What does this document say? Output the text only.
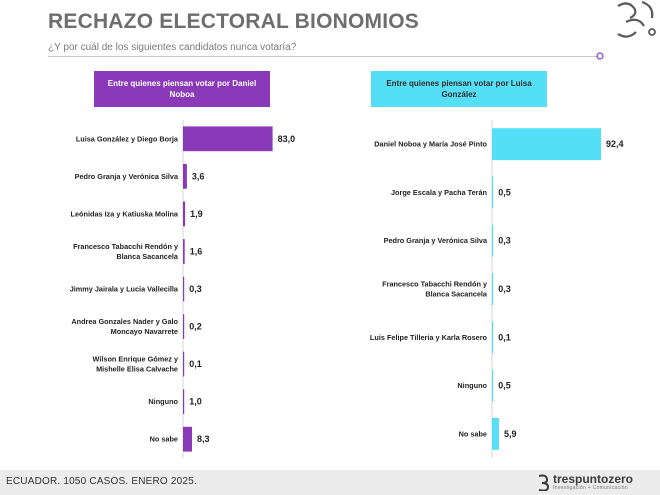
RECHAZO ELECTORAL BIONOMIOS
¿Y por cuál de los siguientes candidatos nunca votaría?
Entre quienes piensan votar por Daniel Noboa
Entre quienes piensan votar por Luisa González
83,0
Luisa González y Diego Borja
3,6
Pedro Granja y Verónica Silva
1,9
Leónidas Iza y Katiuska Molina
1,6
Francesco Tabacchi Rendón y Blanca Sacancela
0,3
Jimmy Jairala y Lucía Vallecilla
0,2
Andrea Gonzales Nader y Galo Moncayo Navarrete
0,1
Wilson Enrique Gómez y Mishelle Elisa Calvache
1,0
Ninguno
8,3
No sabe
92,4
Daniel Noboa y María José Pinto
0,5
Jorge Escala y Pacha Terán
0,3
Pedro Granja y Verónica Silva
0,3
Francesco Tabacchi Rendón y Blanca Sacancela
0,1
Luis Felipe Tilleria y Karla Rosero
0,5
Ninguno
5,9
No sabe
ECUADOR. 1050 CASOS. ENERO 2025.	trespuntozero
Investigación + Comunicación
